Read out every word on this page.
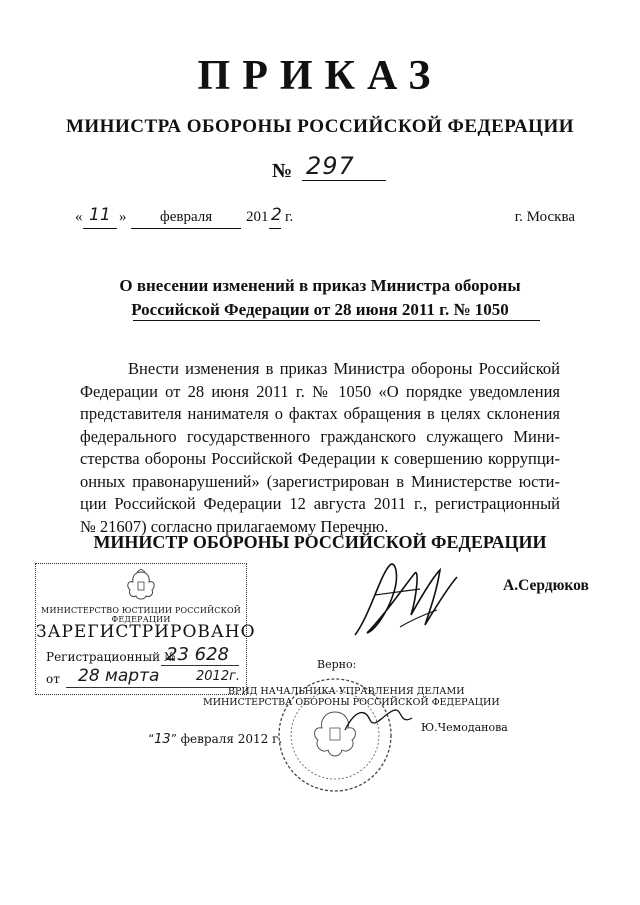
ПРИКАЗ
МИНИСТРА ОБОРОНЫ РОССИЙСКОЙ ФЕДЕРАЦИИ
№ 297
« 11 » февраля 201 2 г.	г. Москва
О внесении изменений в приказ Министра обороны
Российской Федерации от 28 июня 2011 г. № 1050
Внести изменения в приказ Министра обороны Российской
Федерации от 28 июня 2011 г. № 1050 «О порядке уведомления
представителя нанимателя о фактах обращения в целях склонения
федерального государственного гражданского служащего Мини-
стерства обороны Российской Федерации к совершению коррупци-
онных правонарушений» (зарегистрирован в Министерстве юсти-
ции Российской Федерации 12 августа 2011 г., регистрационный
№ 21607) согласно прилагаемому Перечню.
МИНИСТР ОБОРОНЫ РОССИЙСКОЙ ФЕДЕРАЦИИ
А.Сердюков
МИНИСТЕРСТВО ЮСТИЦИИ РОССИЙСКОЙ ФЕДЕРАЦИИ
ЗАРЕГИСТРИРОВАНО
Регистрационный №
23 628
от 28 марта	2012г.
Верно:
ВРИД НАЧАЛЬНИКА УПРАВЛЕНИЯ ДЕЛАМИ
МИНИСТЕРСТВА ОБОРОНЫ РОССИЙСКОЙ ФЕДЕРАЦИИ
Ю.Чемоданова
“13” февраля 2012 г.
